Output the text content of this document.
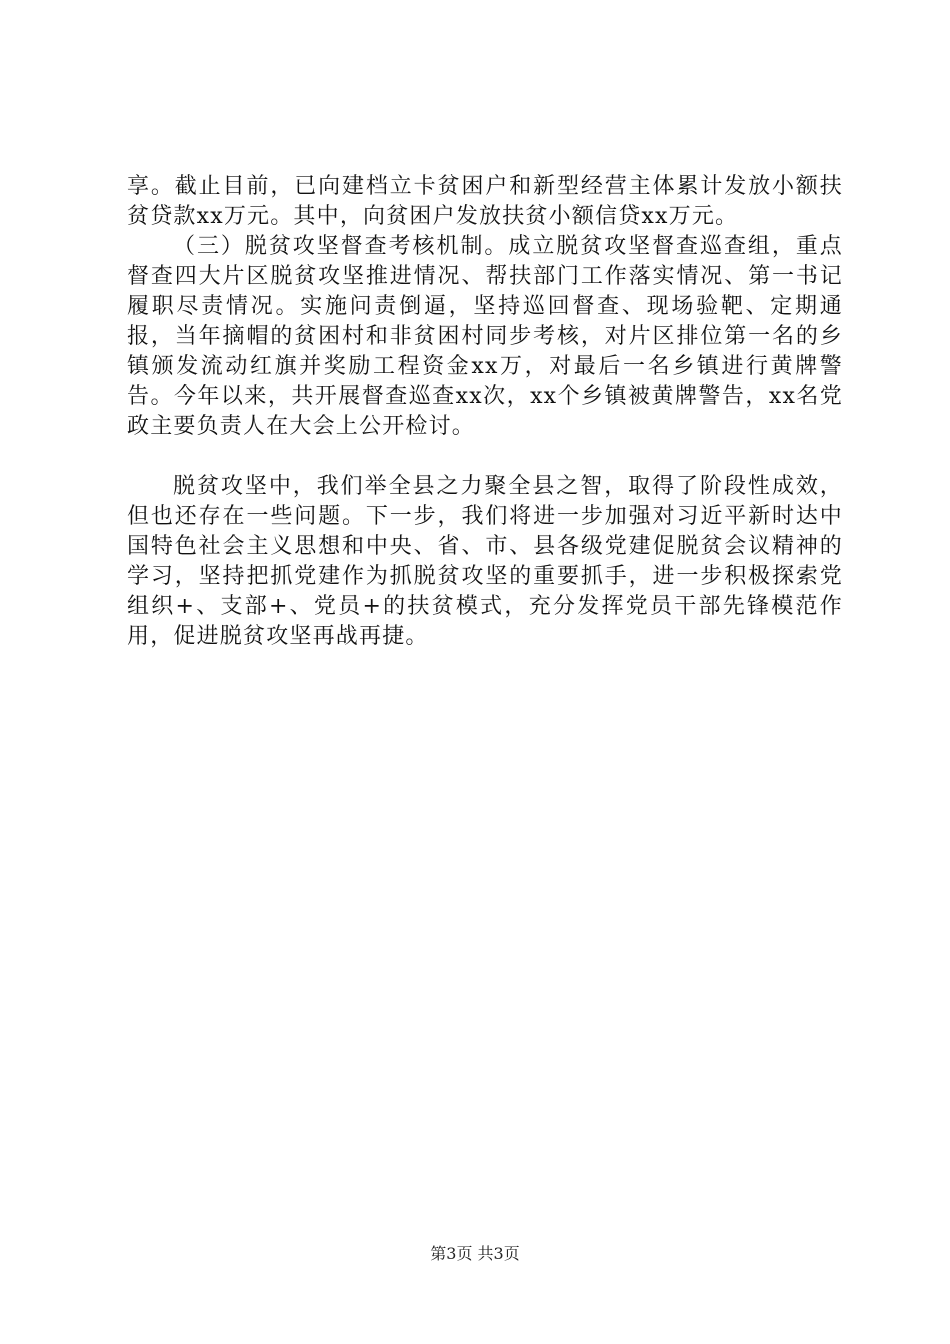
享。截止目前，已向建档立卡贫困户和新型经营主体累计发放小额扶贫贷款xx万元。其中，向贫困户发放扶贫小额信贷xx万元。

（三）脱贫攻坚督查考核机制。成立脱贫攻坚督查巡查组，重点督查四大片区脱贫攻坚推进情况、帮扶部门工作落实情况、第一书记履职尽责情况。实施问责倒逼，坚持巡回督查、现场验靶、定期通报，当年摘帽的贫困村和非贫困村同步考核，对片区排位第一名的乡镇颁发流动红旗并奖励工程资金xx万，对最后一名乡镇进行黄牌警告。今年以来，共开展督查巡查xx次，xx个乡镇被黄牌警告，xx名党政主要负责人在大会上公开检讨。

脱贫攻坚中，我们举全县之力聚全县之智，取得了阶段性成效，但也还存在一些问题。下一步，我们将进一步加强对习近平新时达中国特色社会主义思想和中央、省、市、县各级党建促脱贫会议精神的学习，坚持把抓党建作为抓脱贫攻坚的重要抓手，进一步积极探索党组织+、支部+、党员+的扶贫模式，充分发挥党员干部先锋模范作用，促进脱贫攻坚再战再捷。

第3页 共3页
